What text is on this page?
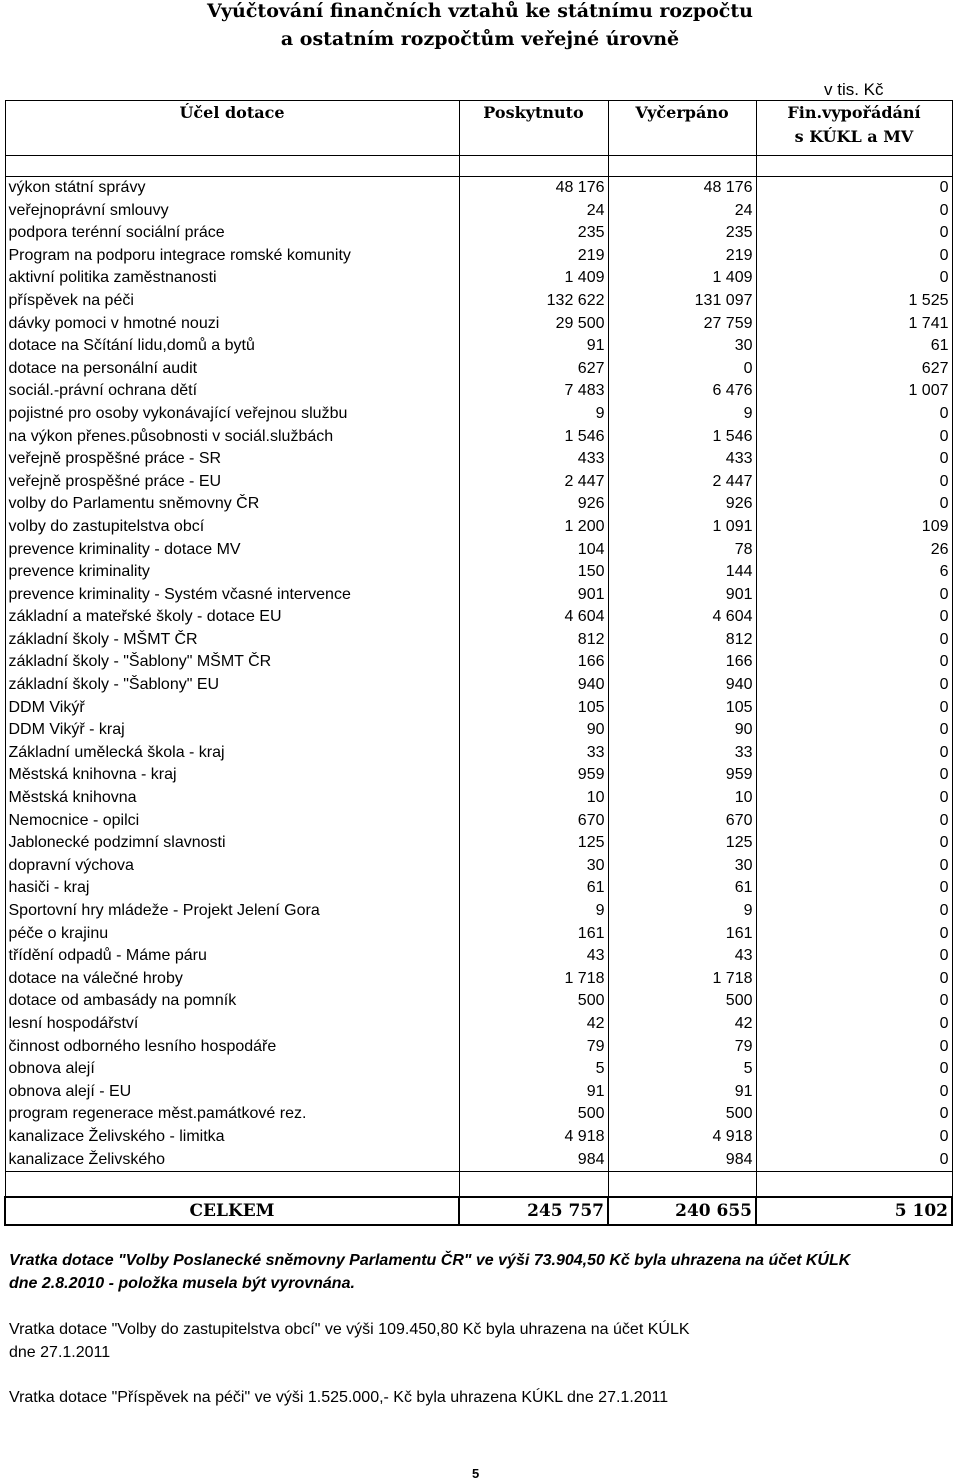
Vyúčtování finančních vztahů ke státnímu rozpočtu
a ostatním rozpočtům veřejné úrovně
v tis. Kč
Účel dotace	Poskytnuto	Vyčerpáno	Fin.vypořádání
s KÚKL a MV

výkon státní správy	48 176	48 176	0
veřejnoprávní smlouvy	24	24	0
podpora terénní sociální práce	235	235	0
Program na podporu integrace romské komunity	219	219	0
aktivní politika zaměstnanosti	1 409	1 409	0
příspěvek na péči	132 622	131 097	1 525
dávky pomoci v hmotné nouzi	29 500	27 759	1 741
dotace na Sčítání lidu,domů a bytů	91	30	61
dotace na personální audit	627	0	627
sociál.-právní ochrana dětí	7 483	6 476	1 007
pojistné pro osoby vykonávající veřejnou službu	9	9	0
na výkon přenes.působnosti v sociál.službách	1 546	1 546	0
veřejně prospěšné práce - SR	433	433	0
veřejně prospěšné práce - EU	2 447	2 447	0
volby do Parlamentu sněmovny ČR	926	926	0
volby do zastupitelstva obcí	1 200	1 091	109
prevence kriminality - dotace MV	104	78	26
prevence kriminality	150	144	6
prevence kriminality - Systém včasné intervence	901	901	0
základní a mateřské školy - dotace EU	4 604	4 604	0
základní školy - MŠMT ČR	812	812	0
základní školy - "Šablony" MŠMT ČR	166	166	0
základní školy - "Šablony" EU	940	940	0
DDM Vikýř	105	105	0
DDM Vikýř - kraj	90	90	0
Základní umělecká škola - kraj	33	33	0
Městská knihovna - kraj	959	959	0
Městská knihovna	10	10	0
Nemocnice - opilci	670	670	0
Jablonecké podzimní slavnosti	125	125	0
dopravní výchova	30	30	0
hasiči - kraj	61	61	0
Sportovní hry mládeže - Projekt Jelení Gora	9	9	0
péče o krajinu	161	161	0
třídění odpadů - Máme páru	43	43	0
dotace na válečné hroby	1 718	1 718	0
dotace od ambasády na pomník	500	500	0
lesní hospodářství	42	42	0
činnost odborného lesního hospodáře	79	79	0
obnova alejí	5	5	0
obnova alejí - EU	91	91	0
program regenerace měst.památkové rez.	500	500	0
kanalizace Želivského - limitka	4 918	4 918	0
kanalizace Želivského	984	984	0

CELKEM	245 757	240 655	5 102
Vratka dotace "Volby Poslanecké sněmovny Parlamentu ČR" ve výši 73.904,50 Kč byla uhrazena na účet KÚLK
dne 2.8.2010 - položka musela být vyrovnána.
Vratka dotace "Volby do zastupitelstva obcí" ve výši 109.450,80 Kč byla uhrazena na účet KÚLK
dne 27.1.2011
Vratka dotace "Příspěvek na péči" ve výši 1.525.000,- Kč byla uhrazena KÚKL dne 27.1.2011
5
